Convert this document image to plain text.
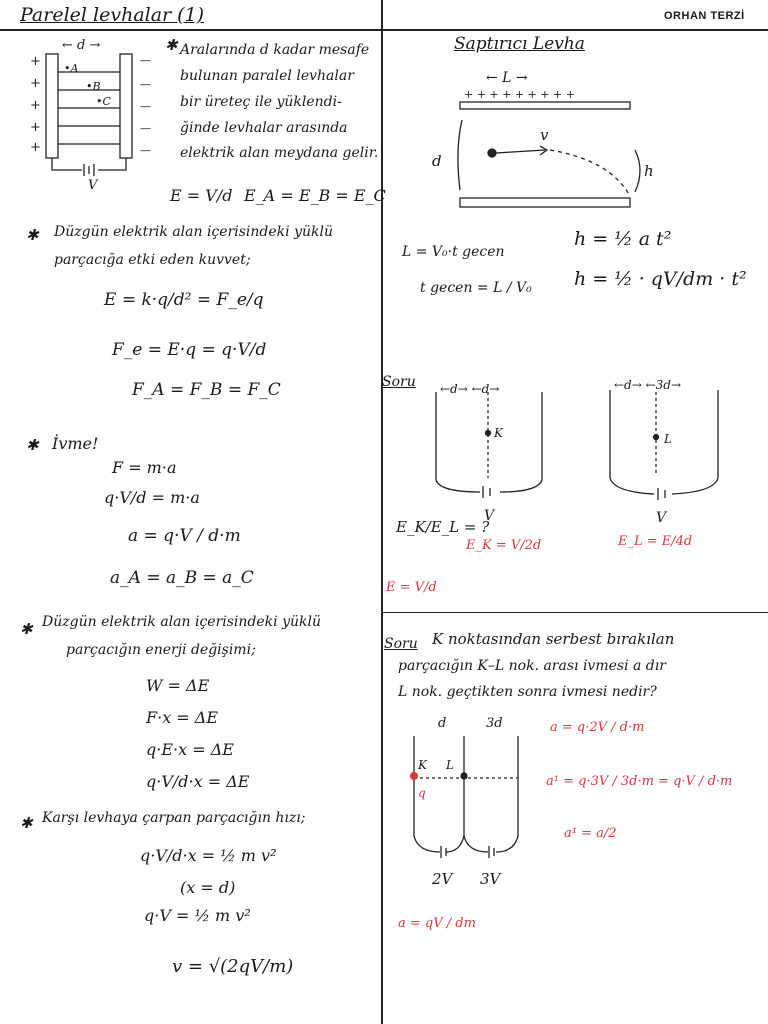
Parelel levhalar (1)	ORHAN TERZİ
← d →
•A
•B
•C
+
+
+
+
+
—
—
—
—
—
V
✱ Aralarında d kadar mesafe
bulunan paralel levhalar
bir üreteç ile yüklendi-
ğinde levhalar arasında
elektrik alan meydana gelir.
E = V/d E_A = E_B = E_C
✱ Düzgün elektrik alan içerisindeki yüklü
parçacığa etki eden kuvvet;
E = k·q/d² = F_e/q
F_e = E·q = q·V/d
F_A = F_B = F_C
✱ İvme!
F = m·a
q·V/d = m·a
a = q·V / d·m
a_A = a_B = a_C
✱ Düzgün elektrik alan içerisindeki yüklü
parçacığın enerji değişimi;
W = ΔE
F·x = ΔE
q·E·x = ΔE
q·V/d·x = ΔE
✱ Karşı levhaya çarpan parçacığın hızı;
q·V/d·x = ½ m v²
(x = d)
q·V = ½ m v²
v = √(2qV/m)
Saptırıcı Levha
← L →
+ + + + + + + + +
d
v
h
L = V₀·t gecen
t gecen = L / V₀
h = ½ a t²
h = ½ · qV/dm · t²
Soru ←d→ ←d→	←d→ ←3d→
K	L
V	V
E_K/E_L = ?
E_K = V/2d	E_L = E/4d
E = V/d
Soru K noktasından serbest bırakılan
parçacığın K–L nok. arası ivmesi a dır
L nok. geçtikten sonra ivmesi nedir?
d	3d
K L
q
2V 3V
a = q·2V / d·m
a¹ = q·3V / 3d·m = q·V / d·m
a¹ = a/2
a = qV / dm
